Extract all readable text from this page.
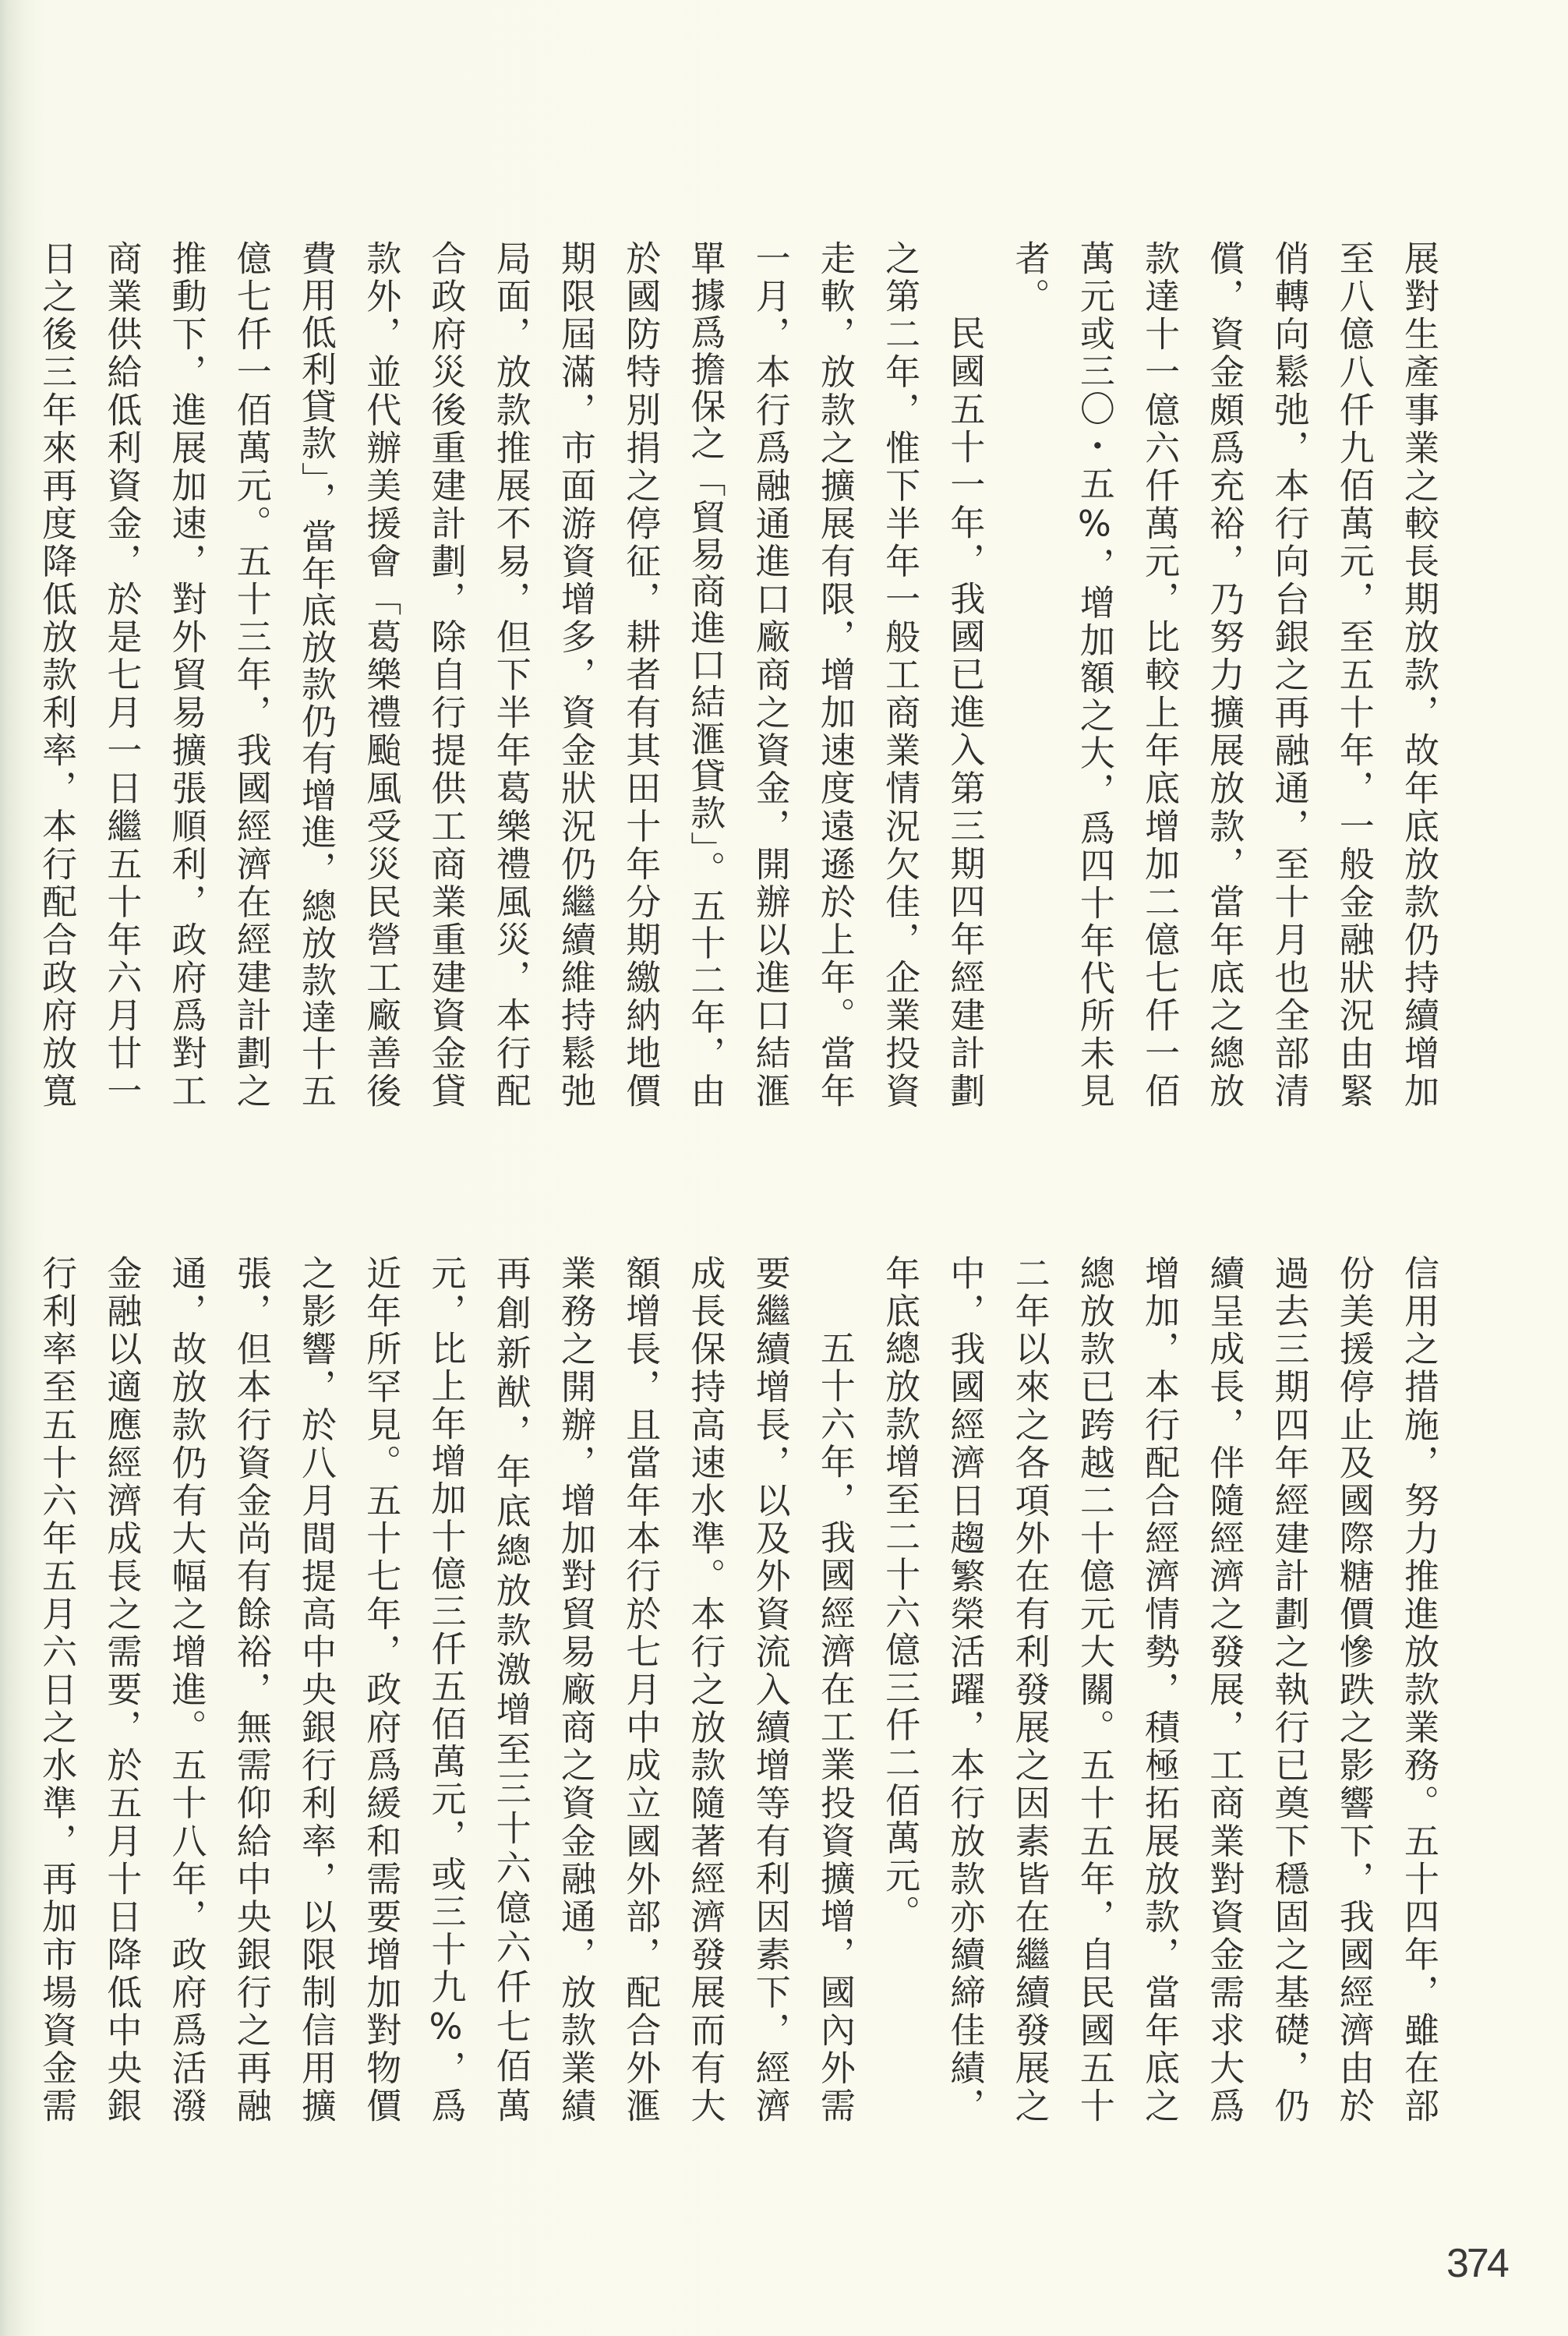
展對生產事業之較長期放款，故年底放款仍持續增加
至八億八仟九佰萬元，至五十年，一般金融狀況由緊
俏轉向鬆弛，本行向台銀之再融通，至十月也全部清
償，資金頗爲充裕，乃努力擴展放款，當年底之總放
款達十一億六仟萬元，比較上年底增加二億七仟一佰
萬元或三〇・五%，增加額之大，爲四十年代所未見
者。
民國五十一年，我國已進入第三期四年經建計劃
之第二年，惟下半年一般工商業情況欠佳，企業投資
走軟，放款之擴展有限，增加速度遠遜於上年。當年
一月，本行爲融通進口廠商之資金，開辦以進口結滙
單據爲擔保之「貿易商進口結滙貸款」。五十二年，由
於國防特別捐之停征，耕者有其田十年分期繳納地價
期限屆滿，市面游資增多，資金狀況仍繼續維持鬆弛
局面，放款推展不易，但下半年葛樂禮風災，本行配
合政府災後重建計劃，除自行提供工商業重建資金貸
款外，並代辦美援會「葛樂禮颱風受災民營工廠善後
費用低利貸款」，當年底放款仍有增進，總放款達十五
億七仟一佰萬元。五十三年，我國經濟在經建計劃之
推動下，進展加速，對外貿易擴張順利，政府爲對工
商業供給低利資金，於是七月一日繼五十年六月廿一
日之後三年來再度降低放款利率，本行配合政府放寬
信用之措施，努力推進放款業務。五十四年，雖在部
份美援停止及國際糖價慘跌之影響下，我國經濟由於
過去三期四年經建計劃之執行已奠下穩固之基礎，仍
續呈成長，伴隨經濟之發展，工商業對資金需求大爲
增加，本行配合經濟情勢，積極拓展放款，當年底之
總放款已跨越二十億元大關。五十五年，自民國五十
二年以來之各項外在有利發展之因素皆在繼續發展之
中，我國經濟日趨繁榮活躍，本行放款亦續締佳績，
年底總放款增至二十六億三仟二佰萬元。
五十六年，我國經濟在工業投資擴增，國內外需
要繼續增長，以及外資流入續增等有利因素下，經濟
成長保持高速水準。本行之放款隨著經濟發展而有大
額增長，且當年本行於七月中成立國外部，配合外滙
業務之開辦，增加對貿易廠商之資金融通，放款業績
再創新猷，年底總放款激增至三十六億六仟七佰萬
元，比上年增加十億三仟五佰萬元，或三十九%，爲
近年所罕見。五十七年，政府爲緩和需要增加對物價
之影響，於八月間提高中央銀行利率，以限制信用擴
張，但本行資金尚有餘裕，無需仰給中央銀行之再融
通，故放款仍有大幅之增進。五十八年，政府爲活潑
金融以適應經濟成長之需要，於五月十日降低中央銀
行利率至五十六年五月六日之水準，再加市場資金需
374
